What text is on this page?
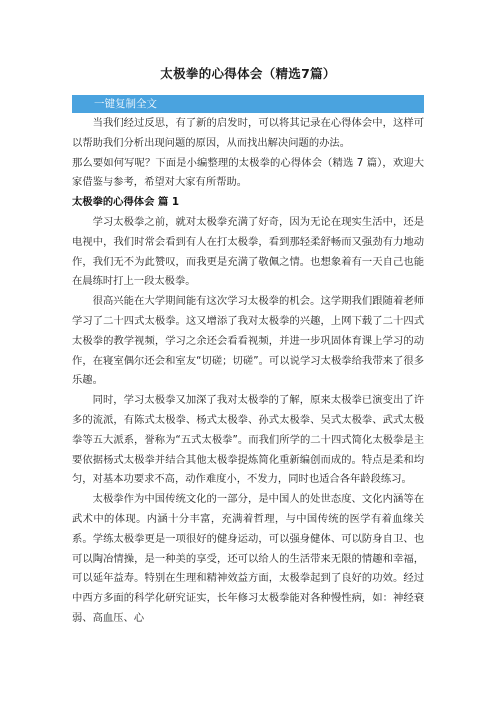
太极拳的心得体会（精选7篇）
一键复制全文

当我们经过反思，有了新的启发时，可以将其记录在心得体会中，这样可以帮助我们分析出现问题的原因，从而找出解决问题的办法。

那么要如何写呢？下面是小编整理的太极拳的心得体会（精选 7 篇），欢迎大家借鉴与参考，希望对大家有所帮助。

太极拳的心得体会 篇 1

学习太极拳之前，就对太极拳充满了好奇，因为无论在现实生活中，还是电视中，我们时常会看到有人在打太极拳，看到那轻柔舒畅而又强劲有力地动作，我们无不为此赞叹，而我更是充满了敬佩之情。也想象着有一天自己也能在晨练时打上一段太极拳。

很高兴能在大学期间能有这次学习太极拳的机会。这学期我们跟随着老师学习了二十四式太极拳。这又增添了我对太极拳的兴趣，上网下载了二十四式太极拳的教学视频，学习之余还会看看视频，并进一步巩固体育课上学习的动作，在寝室偶尔还会和室友“切磋；切磋”。可以说学习太极拳给我带来了很多乐趣。

同时，学习太极拳又加深了我对太极拳的了解，原来太极拳已演变出了许多的流派，有陈式太极拳、杨式太极拳、孙式太极拳、吴式太极拳、武式太极拳等五大派系，誉称为“五式太极拳”。而我们所学的二十四式简化太极拳是主要依据杨式太极拳并结合其他太极拳提炼简化重新编创而成的。特点是柔和均匀，对基本功要求不高，动作难度小，不发力，同时也适合各年龄段练习。

太极拳作为中国传统文化的一部分，是中国人的处世态度、文化内涵等在武术中的体现。内涵十分丰富，充满着哲理，与中国传统的医学有着血缘关系。学练太极拳更是一项很好的健身运动，可以强身健体、可以防身自卫、也可以陶冶情操，是一种美的享受，还可以给人的生活带来无限的情趣和幸福，可以延年益寿。特别在生理和精神效益方面，太极拳起到了良好的功效。经过中西方多面的科学化研究证实，长年修习太极拳能对各种慢性病，如：神经衰弱、高血压、心
